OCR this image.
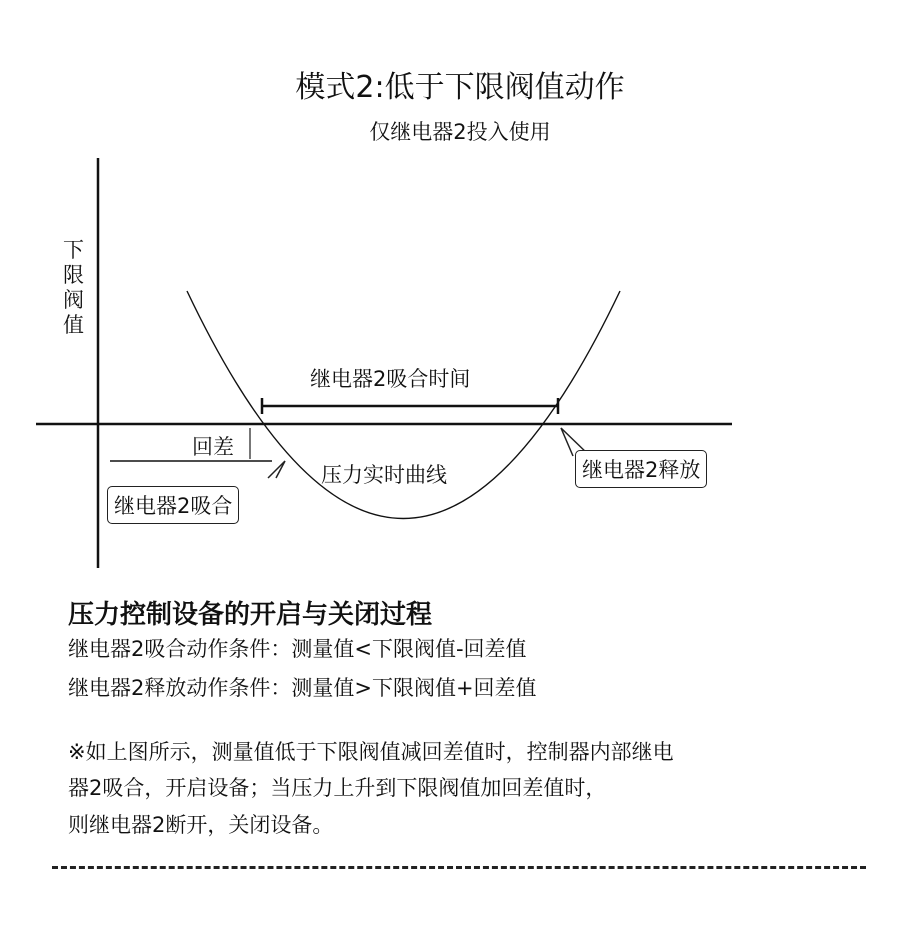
模式2:低于下限阀值动作
仅继电器2投入使用
下限阀值
继电器2吸合时间
回差
压力实时曲线
继电器2吸合
继电器2释放
压力控制设备的开启与关闭过程
继电器2吸合动作条件：测量值<下限阀值-回差值
继电器2释放动作条件：测量值>下限阀值+回差值
※如上图所示，测量值低于下限阀值减回差值时，控制器内部继电
器2吸合，开启设备；当压力上升到下限阀值加回差值时，
则继电器2断开，关闭设备。
